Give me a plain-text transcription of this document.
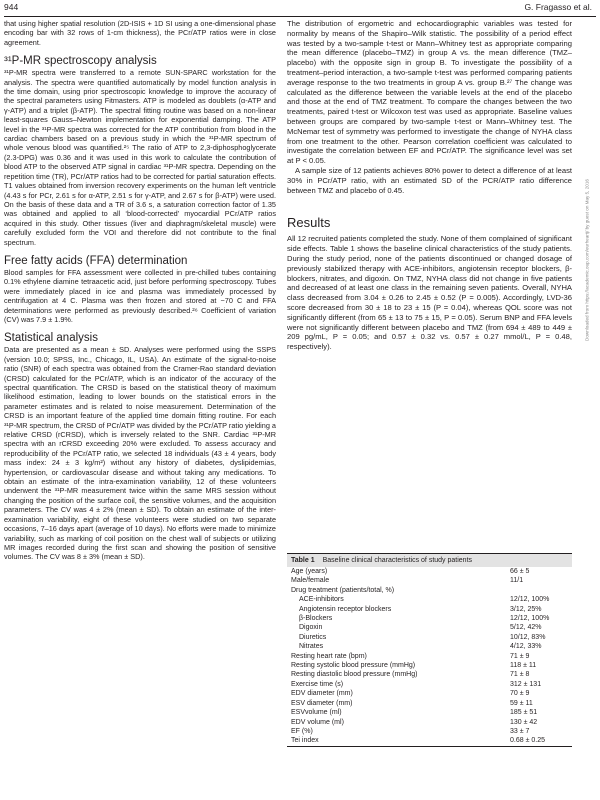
944	G. Fragasso et al.

that using higher spatial resolution (2D-ISIS + 1D SI using a one-dimensional phase encoding bar with 32 rows of 1-cm thickness), the PCr/ATP ratios were in close agreement.

³¹P-MR spectroscopy analysis

³¹P-MR spectra were transferred to a remote SUN-SPARC workstation for the analysis. The spectra were quantified automatically by model function analysis in the time domain, using prior spectroscopic knowledge to improve the accuracy of the spectral parameters using Fitmasters. ATP is modeled as doublets (α-ATP and γ-ATP) and a triplet (β-ATP). The spectral fitting routine was based on a non-linear least-squares Gauss–Newton implementation for exponential damping. The ATP level in the ³¹P-MR spectra was corrected for the ATP contribution from blood in the cardiac chambers based on a previous study in which the ³¹P-MR spectrum of whole venous blood was quantified.²⁵ The ratio of ATP to 2,3-diphosphoglycerate (2.3-DPG) was 0.36 and it was used in this work to calculate the contribution of blood ATP to the observed ATP signal in cardiac ³¹P-MR spectra. Depending on the repetition time (TR), PCr/ATP ratios had to be corrected for partial saturation effects. T1 values obtained from inversion recovery experiments on the human left ventricle (4.43 s for PCr, 2.61 s for α-ATP, 2.51 s for γ-ATP, and 2.67 s for β-ATP) were used. On the basis of these data and a TR of 3.6 s, a saturation correction factor of 1.35 was obtained and applied to all ‘blood-corrected’ myocardial PCr/ATP ratios acquired in this study. Other tissues (liver and diaphragm/skeletal muscle) were carefully excluded form the VOI and therefore did not contribute to the final spectrum.

Free fatty acids (FFA) determination

Blood samples for FFA assessment were collected in pre-chilled tubes containing 0.1% ethylene diamine tetraacetic acid, just before performing spectroscopy. Tubes were immediately placed in ice and plasma was immediately processed by centrifugation at 4 C. Plasma was then frozen and stored at −70 C and FFA determinations were performed as previously described.²⁶ Coefficient of variation (CV) was 7.9 ± 1.9%.

Statistical analysis

Data are presented as a mean ± SD. Analyses were performed using the SSPS (version 10.0; SPSS, Inc., Chicago, IL, USA). An estimate of the signal-to-noise ratio (SNR) of each spectra was obtained from the Cramer-Rao standard deviation (CRSD) calculated for the PCr/ATP, which is an indicator of the accuracy of the spectral quantification. The CRSD is based on the statistical theory of maximum likelihood estimation, leading to lower bounds on the statistical errors in the parameter estimates and is related to noise measurement. Determination of the CRSD is an important feature of the applied time domain fitting routine. For each ³¹P-MR spectrum, the CRSD of PCr/ATP was divided by the PCr/ATP ratio yielding a relative CRSD (rCRSD), which is inversely related to the SNR. Cardiac ³¹P-MR spectra with an rCRSD exceeding 20% were excluded. To assess accuracy and reproducibility of the PCr/ATP ratio, we selected 18 individuals (43 ± 4 years, body mass index: 24 ± 3 kg/m²) without any history of diabetes, dyslipidemias, hypertension, or cardiovascular disease and without taking any medications. To obtain an estimate of the intra-examination variability, 12 of these volunteers underwent the ³¹P-MR measurement twice within the same MRS session without changing the position of the surface coil, the sensitive volumes, and the acquisition parameters. The CV was 4 ± 2% (mean ± SD). To obtain an estimate of the inter-examination variability, eight of these volunteers were studied on two separate occasions, 7–16 days apart (average of 10 days). No efforts were made to minimize variability, such as marking of coil position on the chest wall of subjects or utilizing MR images recorded during the first scan and showing the position of sensitive volumes. The CV was 8 ± 3% (mean ± SD).

The distribution of ergometric and echocardiographic variables was tested for normality by means of the Shapiro–Wilk statistic. The possibility of a period effect was tested by a two-sample t-test or Mann–Whitney test as appropriate comparing the mean difference (placebo–TMZ) in group A vs. the mean difference (TMZ–placebo) with the opposite sign in group B. To investigate the possibility of a treatment–period interaction, a two-sample t-test was performed comparing patients average response to the two treatments in group A vs. group B.²⁷ The change was calculated as the difference between the variable levels at the end of the placebo and those at the end of TMZ treatment. To compare the changes between the two treatments, paired t-test or Wilcoxon test was used as appropriate. Baseline values between groups are compared by two-sample t-test or Mann–Whitney test. The McNemar test of symmetry was performed to investigate the change of NYHA class from one treatment to the other. Pearson correlation coefficient was calculated to investigate the correlation between EF and PCr/ATP. The significance level was set at P < 0.05.

A sample size of 12 patients achieves 80% power to detect a difference of at least 30% in PCr/ATP ratio, with an estimated SD of the PCR/ATP ratio difference between TMZ and placebo of 0.45.

Results

All 12 recruited patients completed the study. None of them complained of significant side effects. Table 1 shows the baseline clinical characteristics of the study patients. During the study period, none of the patients discontinued or changed dosage of previously stabilized therapy with ACE-inhibitors, angiotensin receptor blockers, β-blockers, nitrates, and digoxin. On TMZ, NYHA class did not change in five patients and decreased of at least one class in the remaining seven patients. Overall, NYHA class decreased from 3.04 ± 0.26 to 2.45 ± 0.52 (P = 0.005). Accordingly, LVD-36 score decreased from 30 ± 18 to 23 ± 15 (P = 0.04), whereas QOL score was not significantly different (from 65 ± 13 to 75 ± 15, P = 0.05). Serum BNP and FFA levels were not significantly different between placebo and TMZ (from 694 ± 489 to 449 ± 209 pg/mL, P = 0.05; and 0.57 ± 0.32 vs. 0.57 ± 0.27 mmol/L, P = 0.48, respectively).

Downloaded from https://academic.oup.com/eurheartj/ by guest on May 5, 2016
Table 1 Baseline clinical characteristics of study patients
Age (years)	66 ± 5
Male/female	11/1
Drug treatment (patients/total, %)	
ACE-inhibitors	12/12, 100%
Angiotensin receptor blockers	3/12, 25%
β-Blockers	12/12, 100%
Digoxin	5/12, 42%
Diuretics	10/12, 83%
Nitrates	4/12, 33%
Resting heart rate (bpm)	71 ± 9
Resting systolic blood pressure (mmHg)	118 ± 11
Resting diastolic blood pressure (mmHg)	71 ± 8
Exercise time (s)	312 ± 131
EDV diameter (mm)	70 ± 9
ESV diameter (mm)	59 ± 11
ESVvolume (ml)	185 ± 51
EDV volume (ml)	130 ± 42
EF (%)	33 ± 7
Tei index	0.68 ± 0.25
